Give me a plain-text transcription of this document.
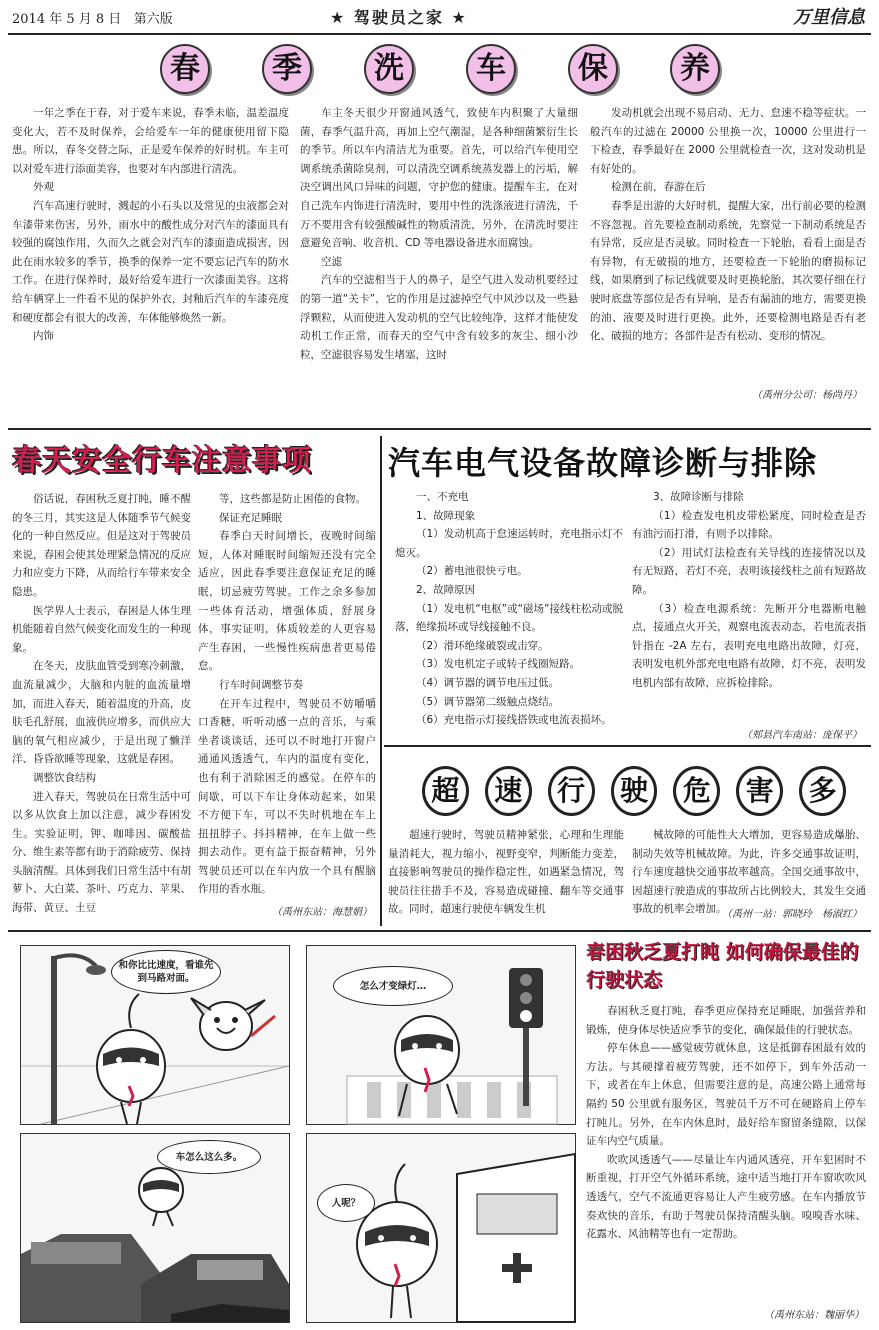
2014 年 5 月 8 日 第六版	★ 驾驶员之家 ★	万里信息
春	季	洗	车	保	养

一年之季在于春，对于爱车来说，春季未临，温差温度变化大，若不及时保养，会给爱车一年的健康使用留下隐患。所以，春冬交替之际，正是爱车保养的好时机。车主可以对爱车进行添面美容，也要对车内部进行清洗。

外观

汽车高速行驶时，溅起的小石头以及常见的虫液都会对车漆带来伤害，另外，雨水中的酸性成分对汽车的漆面具有较强的腐蚀作用，久而久之就会对汽车的漆面造成损害，因此在雨水较多的季节，换季的保养一定不要忘记汽车的防水工作。在进行保养时，最好给爱车进行一次漆面美容。这将给车辆穿上一件看不见的保护外衣，封釉后汽车的车漆亮度和硬度都会有很大的改善，车体能够焕然一新。

内饰

车主冬天很少开窗通风透气，致使车内积聚了大量细菌，春季气温升高，再加上空气潮湿，是各种细菌繁衍生长的季节。所以车内清洁尤为重要。首先，可以给汽车使用空调系统杀菌除臭剂，可以清洗空调系统蒸发器上的污垢，解决空调出风口异味的问题，守护您的健康。提醒车主，在对自己洗车内饰进行清洗时，要用中性的洗涤液进行清洗，千万不要用含有较强酸碱性的物质清洗，另外，在清洗时要注意避免音响、收音机、CD 等电器设备进水而腐蚀。

空滤

汽车的空滤相当于人的鼻子，是空气进入发动机要经过的第一道“关卡”，它的作用是过滤掉空气中风沙以及一些悬浮颗粒，从而使进入发动机的空气比较纯净，这样才能使发动机工作正常，而春天的空气中含有较多的灰尘、细小沙粒，空滤很容易发生堵塞，这时

发动机就会出现不易启动、无力、怠速不稳等症状。一般汽车的过滤在 20000 公里换一次，10000 公里进行一下检查，春季最好在 2000 公里就检查一次，这对发动机是有好处的。

检测在前，春游在后

春季是出游的大好时机，提醒大家，出行前必要的检测不容忽视。首先要检查制动系统，先察觉一下制动系统是否有异常，反应是否灵敏。同时检查一下轮胎，看看上面是否有异物，有无破损的地方，还要检查一下轮胎的磨损标记线，如果磨到了标记线就要及时更换轮胎，其次要仔细在行驶时底盘等部位是否有异响，是否有漏油的地方，需要更换的油、液要及时进行更换。此外，还要检测电路是否有老化、破损的地方；各部件是否有松动、变形的情况。

（禹州分公司：杨尚丹）
春天安全行车注意事项

俗话说，春困秋乏夏打盹，睡不醒的冬三月，其实这是人体随季节气候变化的一种自然反应。但是这对于驾驶员来说，春困会使其处理紧急情况的反应力和应变力下降，从而给行车带来安全隐患。

医学界人士表示，春困是人体生理机能随着自然气候变化而发生的一种现象。

在冬天，皮肤血管受到寒冷刺激，血流量减少，大脑和内脏的血流量增加，而进入春天，随着温度的升高，皮肤毛孔舒展，血液供应增多，而供应大脑的氧气相应减少，于是出现了懒洋洋、昏昏欲睡等现象，这就是春困。

调整饮食结构

进入春天，驾驶员在日常生活中可以多从饮食上加以注意，减少春困发生。实验证明，钾、咖啡因、碳酸盐分、维生素等都有助于消除疲劳、保持头脑清醒。具体到我们日常生活中有胡萝卜、大白菜、茶叶、巧克力、苹果、海带、黄豆、土豆

等，这些都是防止困倦的食物。

保证充足睡眠

春季白天时间增长，夜晚时间缩短，人体对睡眠时间缩短还没有完全适应，因此春季要注意保证充足的睡眠，切忌疲劳驾驶。工作之余多参加一些体育活动，增强体质，舒展身体，事实证明，体质较差的人更容易产生春困，一些慢性疾病患者更易倦怠。

行车时间调整节奏

在开车过程中，驾驶员不妨嚼嚼口香糖，听听动感一点的音乐，与乘坐者谈谈话，还可以不时地打开窗户通通风透透气，车内的温度有变化，也有利于消除困乏的感觉。在停车的间歇，可以下车让身体动起来，如果不方便下车，可以不失时机地在车上扭扭脖子、抖抖精神，在车上做一些拥去动作。更有益于振奋精神，另外驾驶员还可以在车内放一个具有醒脑作用的香水瓶。

（禹州东站：海慧娟）
汽车电气设备故障诊断与排除
一、不充电
1、故障现象

（1）发动机高于怠速运转时，充电指示灯不熄灭。

（2）蓄电池很快亏电。

2、故障原因

（1）发电机“电枢”或“磁场”接线柱松动或脱落，绝缘损坏或导线接触不良。

（2）滑环绝缘破裂或击穿。

（3）发电机定子或转子线圈短路。

（4）调节器的调节电压过低。

（5）调节器第二级触点烧结。

（6）充电指示灯接线搭铁或电流表损坏。

3、故障诊断与排除

（1）检查发电机皮带松紧度，同时检查是否有油污而打滑，有则予以排除。

（2）用试灯法检查有关导线的连接情况以及有无短路，若灯不亮，表明该接线柱之前有短路故障。

（3）检查电源系统：先断开分电器断电触点，接通点火开关，观察电流表动态，若电流表指针指在 -2A 左右，表明充电电路出故障，灯亮，表明发电机外部充电电路有故障，灯不亮，表明发电机内部有故障，应拆检排除。

（郏县汽车南站：庞保平）
超	速	行	驶	危	害	多

超速行驶时，驾驶员精神紧张，心理和生理能量消耗大，视力缩小，视野变窄，判断能力变差，直接影响驾驶员的操作稳定性，如遇紧急情况，驾驶员往往措手不及，容易造成碰撞、翻车等交通事故。同时，超速行驶使车辆发生机

械故障的可能性大大增加，更容易造成爆胎、制动失效等机械故障。为此，许多交通事故证明，行车速度越快交通事故率越高。全国交通事故中，因超速行驶造成的事故所占比例较大，其发生交通事故的机率会增加。

（禹州一站：郭晓玲　杨淑红）
和你比比速度，看谁先到马路对面。
怎么才变绿灯…
车怎么这么多。
人呢？
春困秋乏夏打盹 如何确保最佳的行驶状态

春困秋乏夏打盹，春季更应保持充足睡眠，加强营养和锻炼，使身体尽快适应季节的变化，确保最佳的行驶状态。

停车休息——感觉疲劳就休息，这是抵御春困最有效的方法。与其硬撑着疲劳驾驶，还不如停下，到车外活动一下，或者在车上休息，但需要注意的是，高速公路上通常每隔约 50 公里就有服务区，驾驶员千万不可在硬路肩上停车打盹儿。另外，在车内休息时，最好给车窗留条缝隙，以保证车内空气质量。

吹吹风透透气——尽量让车内通风透亮，开车犯困时不断重视，打开空气外循环系统，途中适当地打开车窗吹吹风透透气，空气不流通更容易让人产生疲劳感。在车内播放节奏欢快的音乐，有助于驾驶员保持清醒头脑。嗅嗅香水味、花露水、风油精等也有一定帮助。

（禹州东站：魏丽华）
